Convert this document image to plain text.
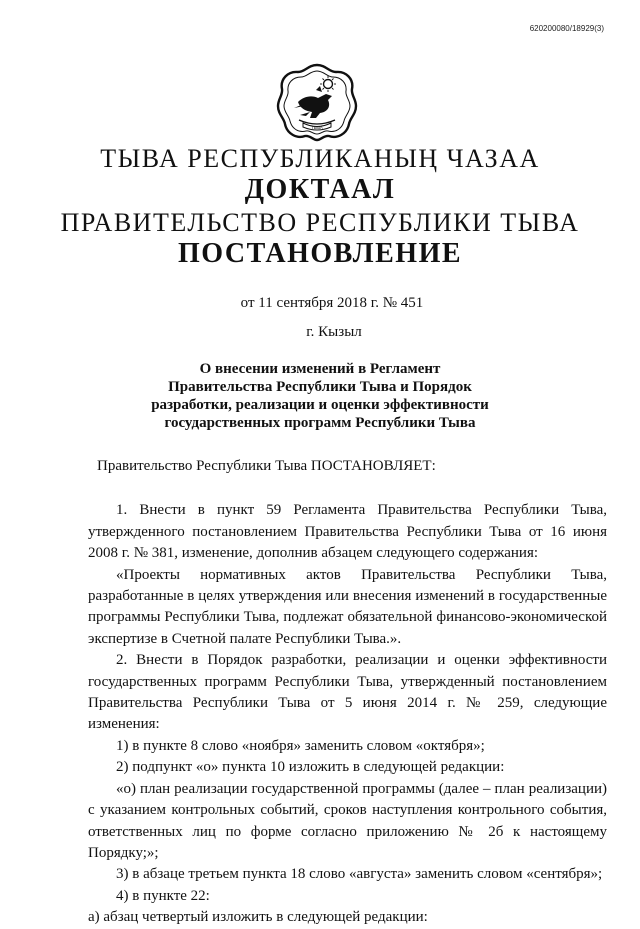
620200080/18929(3)
ТЫВА
ТЫВА РЕСПУБЛИКАНЫҢ ЧАЗАА
ДОКТААЛ
ПРАВИТЕЛЬСТВО РЕСПУБЛИКИ ТЫВА
ПОСТАНОВЛЕНИЕ
от 11 сентября 2018 г. № 451
г. Кызыл
О внесении изменений в Регламент Правительства Республики Тыва и Порядок разработки, реализации и оценки эффективности государственных программ Республики Тыва

Правительство Республики Тыва ПОСТАНОВЛЯЕТ:

1. Внести в пункт 59 Регламента Правительства Республики Тыва, утвержденного постановлением Правительства Республики Тыва от 16 июня 2008 г. № 381, изменение, дополнив абзацем следующего содержания:

«Проекты нормативных актов Правительства Республики Тыва, разработанные в целях утверждения или внесения изменений в государственные программы Республики Тыва, подлежат обязательной финансово-экономической экспертизе в Счетной палате Республики Тыва.».

2. Внести в Порядок разработки, реализации и оценки эффективности государственных программ Республики Тыва, утвержденный постановлением Правительства Республики Тыва от 5 июня 2014 г. № 259, следующие изменения:

1) в пункте 8 слово «ноября» заменить словом «октября»;

2) подпункт «о» пункта 10 изложить в следующей редакции:

«о) план реализации государственной программы (далее – план реализации) с указанием контрольных событий, сроков наступления контрольного события, ответственных лиц по форме согласно приложению № 2б к настоящему Порядку;»;

3) в абзаце третьем пункта 18 слово «августа» заменить словом «сентября»;

4) в пункте 22:

а) абзац четвертый изложить в следующей редакции:
